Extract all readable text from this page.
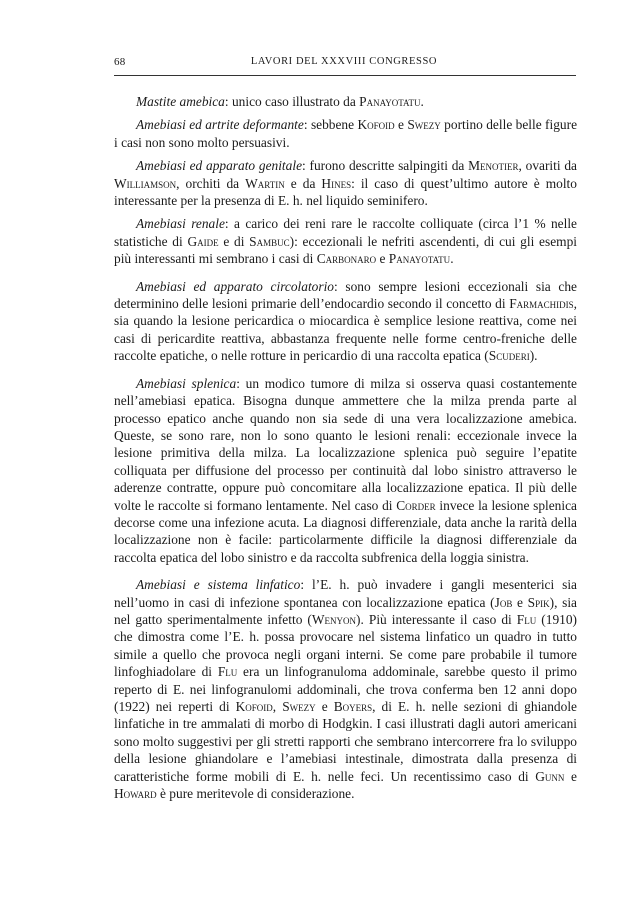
68	LAVORI DEL XXXVIII CONGRESSO

Mastite amebica: unico caso illustrato da Panayotatu.

Amebiasi ed artrite deformante: sebbene Kofoid e Swezy portino delle belle figure i casi non sono molto persuasivi.

Amebiasi ed apparato genitale: furono descritte salpingiti da Menotier, ovariti da Williamson, orchiti da Wartin e da Hines: il caso di quest’ultimo autore è molto interessante per la presenza di E. h. nel liquido seminifero.

Amebiasi renale: a carico dei reni rare le raccolte colliquate (circa l’1 % nelle statistiche di Gaide e di Sambuc): eccezionali le nefriti ascendenti, di cui gli esempi più interessanti mi sembrano i casi di Carbonaro e Panayotatu.

Amebiasi ed apparato circolatorio: sono sempre lesioni eccezionali sia che determinino delle lesioni primarie dell’endocardio secondo il concetto di Farmachidis, sia quando la lesione pericardica o miocardica è semplice lesione reattiva, come nei casi di pericardite reattiva, abbastanza frequente nelle forme centro-freniche delle raccolte epatiche, o nelle rotture in pericardio di una raccolta epatica (Scuderi).

Amebiasi splenica: un modico tumore di milza si osserva quasi costantemente nell’amebiasi epatica. Bisogna dunque ammettere che la milza prenda parte al processo epatico anche quando non sia sede di una vera localizzazione amebica. Queste, se sono rare, non lo sono quanto le lesioni renali: eccezionale invece la lesione primitiva della milza. La localizzazione splenica può seguire l’epatite colliquata per diffusione del processo per continuità dal lobo sinistro attraverso le aderenze contratte, oppure può concomitare alla localizzazione epatica. Il più delle volte le raccolte si formano lentamente. Nel caso di Corder invece la lesione splenica decorse come una infezione acuta. La diagnosi differenziale, data anche la rarità della localizzazione non è facile: particolarmente difficile la diagnosi differenziale da raccolta epatica del lobo sinistro e da raccolta subfrenica della loggia sinistra.

Amebiasi e sistema linfatico: l’E. h. può invadere i gangli mesenterici sia nell’uomo in casi di infezione spontanea con localizzazione epatica (Job e Spik), sia nel gatto sperimentalmente infetto (Wenyon). Più interessante il caso di Flu (1910) che dimostra come l’E. h. possa provocare nel sistema linfatico un quadro in tutto simile a quello che provoca negli organi interni. Se come pare probabile il tumore linfoghiadolare di Flu era un linfogranuloma addominale, sarebbe questo il primo reperto di E. nei linfogranulomi addominali, che trova conferma ben 12 anni dopo (1922) nei reperti di Kofoid, Swezy e Boyers, di E. h. nelle sezioni di ghiandole linfatiche in tre ammalati di morbo di Hodgkin. I casi illustrati dagli autori americani sono molto suggestivi per gli stretti rapporti che sembrano intercorrere fra lo sviluppo della lesione ghiandolare e l’amebiasi intestinale, dimostrata dalla presenza di caratteristiche forme mobili di E. h. nelle feci. Un recentissimo caso di Gunn e Howard è pure meritevole di considerazione.
